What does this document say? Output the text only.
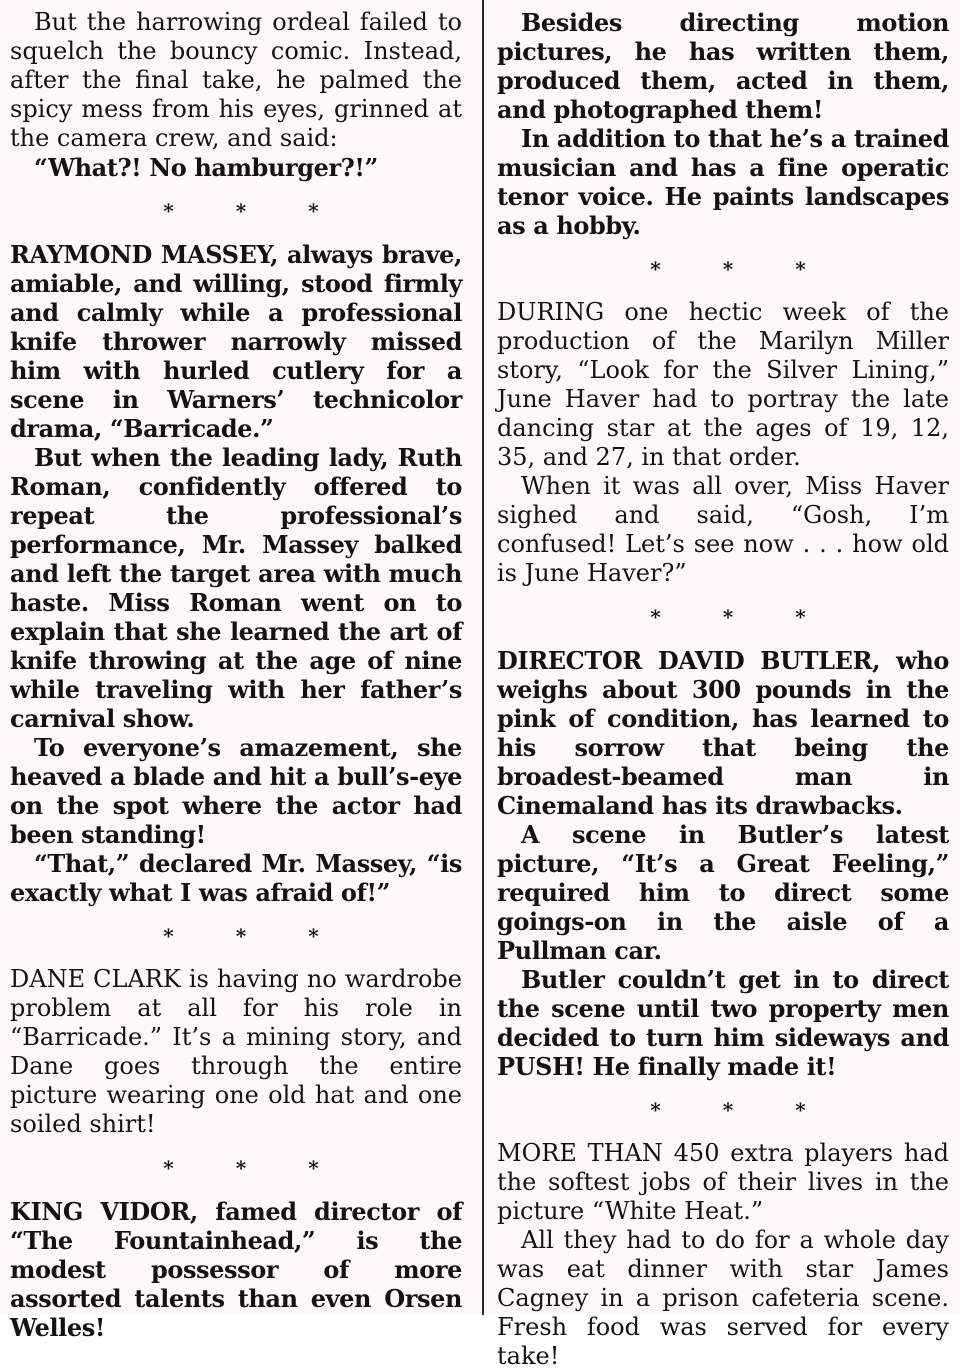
But the harrowing ordeal failed to squelch the bouncy comic. Instead, after the final take, he palmed the spicy mess from his eyes, grinned at the camera crew, and said:

“What?! No hamburger?!”

*	*	*

RAYMOND MASSEY, always brave, amiable, and willing, stood firmly and calmly while a professional knife thrower narrowly missed him with hurled cutlery for a scene in Warners’ technicolor drama, “Barricade.”

But when the leading lady, Ruth Roman, confidently offered to repeat the professional’s performance, Mr. Massey balked and left the target area with much haste. Miss Roman went on to explain that she learned the art of knife throwing at the age of nine while traveling with her father’s carnival show.

To everyone’s amazement, she heaved a blade and hit a bull’s-eye on the spot where the actor had been standing!

“That,” declared Mr. Massey, “is exactly what I was afraid of!”

*	*	*

DANE CLARK is having no wardrobe problem at all for his role in “Barricade.” It’s a mining story, and Dane goes through the entire picture wearing one old hat and one soiled shirt!

*	*	*

KING VIDOR, famed director of “The Fountainhead,” is the modest possessor of more assorted talents than even Orsen Welles!

Besides directing motion pictures, he has written them, produced them, acted in them, and photographed them!

In addition to that he’s a trained musician and has a fine operatic tenor voice. He paints landscapes as a hobby.

*	*	*

DURING one hectic week of the production of the Marilyn Miller story, “Look for the Silver Lining,” June Haver had to portray the late dancing star at the ages of 19, 12, 35, and 27, in that order.

When it was all over, Miss Haver sighed and said, “Gosh, I’m confused! Let’s see now . . . how old is June Haver?”

*	*	*

DIRECTOR DAVID BUTLER, who weighs about 300 pounds in the pink of condition, has learned to his sorrow that being the broadest-beamed man in Cinemaland has its drawbacks.

A scene in Butler’s latest picture, “It’s a Great Feeling,” required him to direct some goings-on in the aisle of a Pullman car.

Butler couldn’t get in to direct the scene until two property men decided to turn him sideways and PUSH! He finally made it!

*	*	*

MORE THAN 450 extra players had the softest jobs of their lives in the picture “White Heat.”

All they had to do for a whole day was eat dinner with star James Cagney in a prison cafeteria scene. Fresh food was served for every take!
